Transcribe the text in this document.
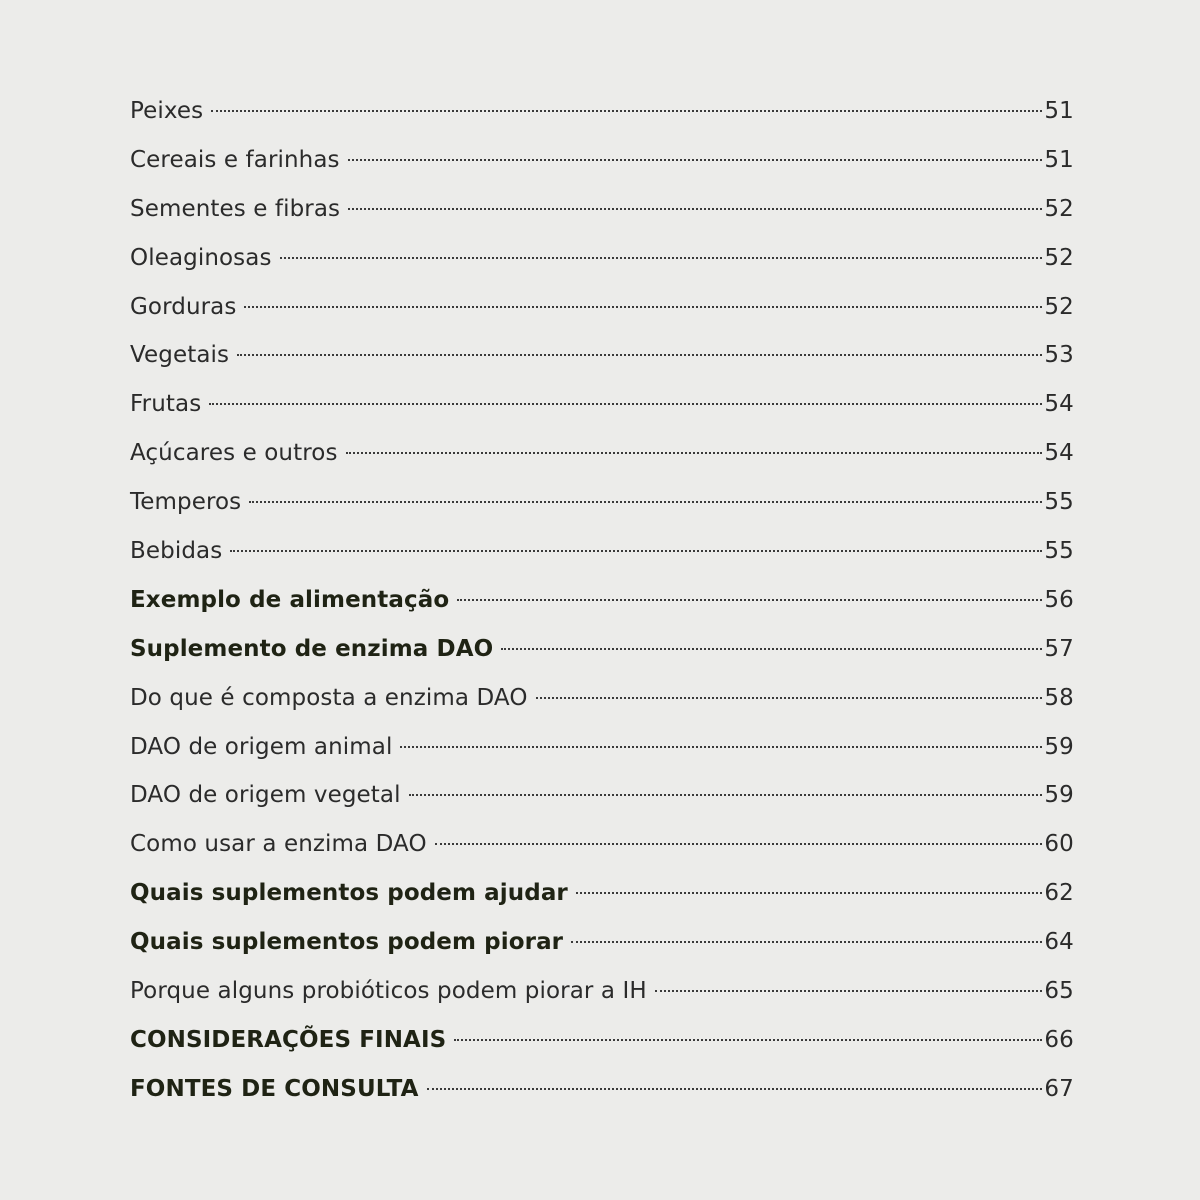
Peixes	51
Cereais e farinhas	51
Sementes e fibras	52
Oleaginosas	52
Gorduras	52
Vegetais	53
Frutas	54
Açúcares e outros	54
Temperos	55
Bebidas	55
Exemplo de alimentação	56
Suplemento de enzima DAO	57
Do que é composta a enzima DAO	58
DAO de origem animal	59
DAO de origem vegetal	59
Como usar a enzima DAO	60
Quais suplementos podem ajudar	62
Quais suplementos podem piorar	64
Porque alguns probióticos podem piorar a IH	65
CONSIDERAÇÕES FINAIS	66
FONTES DE CONSULTA	67
